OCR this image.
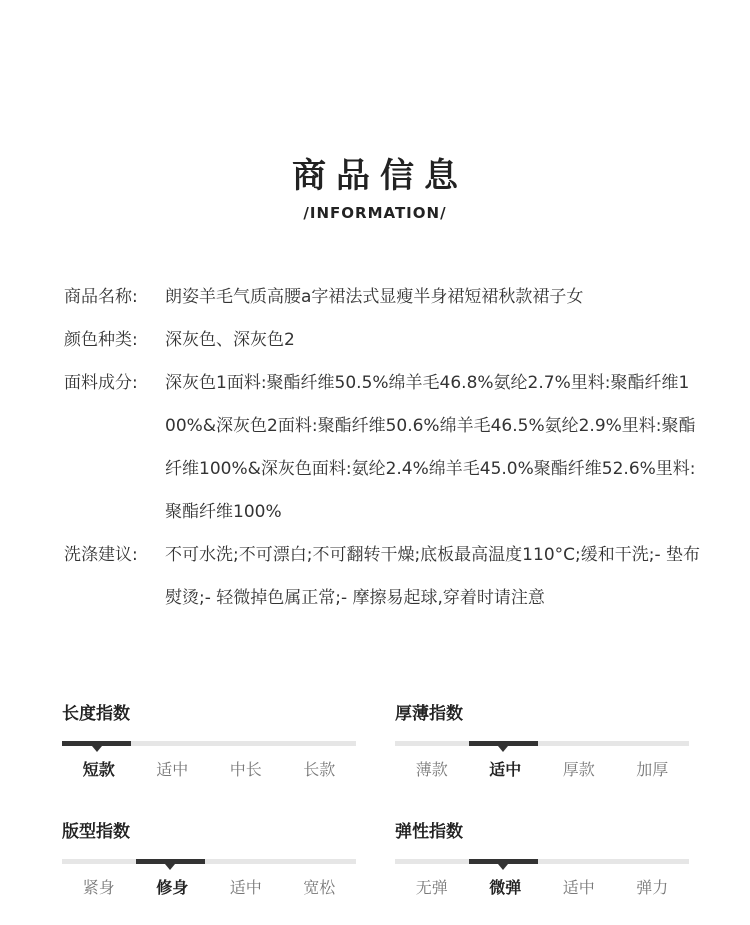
商品信息
/INFORMATION/
商品名称:	朗姿羊毛气质高腰a字裙法式显瘦半身裙短裙秋款裙子女
颜色种类:	深灰色、深灰色2
面料成分:	深灰色1面料:聚酯纤维50.5%绵羊毛46.8%氨纶2.7%里料:聚酯纤维100%&深灰色2面料:聚酯纤维50.6%绵羊毛46.5%氨纶2.9%里料:聚酯纤维100%&深灰色面料:氨纶2.4%绵羊毛45.0%聚酯纤维52.6%里料:聚酯纤维100%
洗涤建议:	不可水洗;不可漂白;不可翻转干燥;底板最高温度110°C;缓和干洗;- 垫布熨烫;- 轻微掉色属正常;- 摩擦易起球,穿着时请注意
长度指数
短款	适中	中长	长款
厚薄指数
薄款	适中	厚款	加厚
版型指数
紧身	修身	适中	宽松
弹性指数
无弹	微弹	适中	弹力
